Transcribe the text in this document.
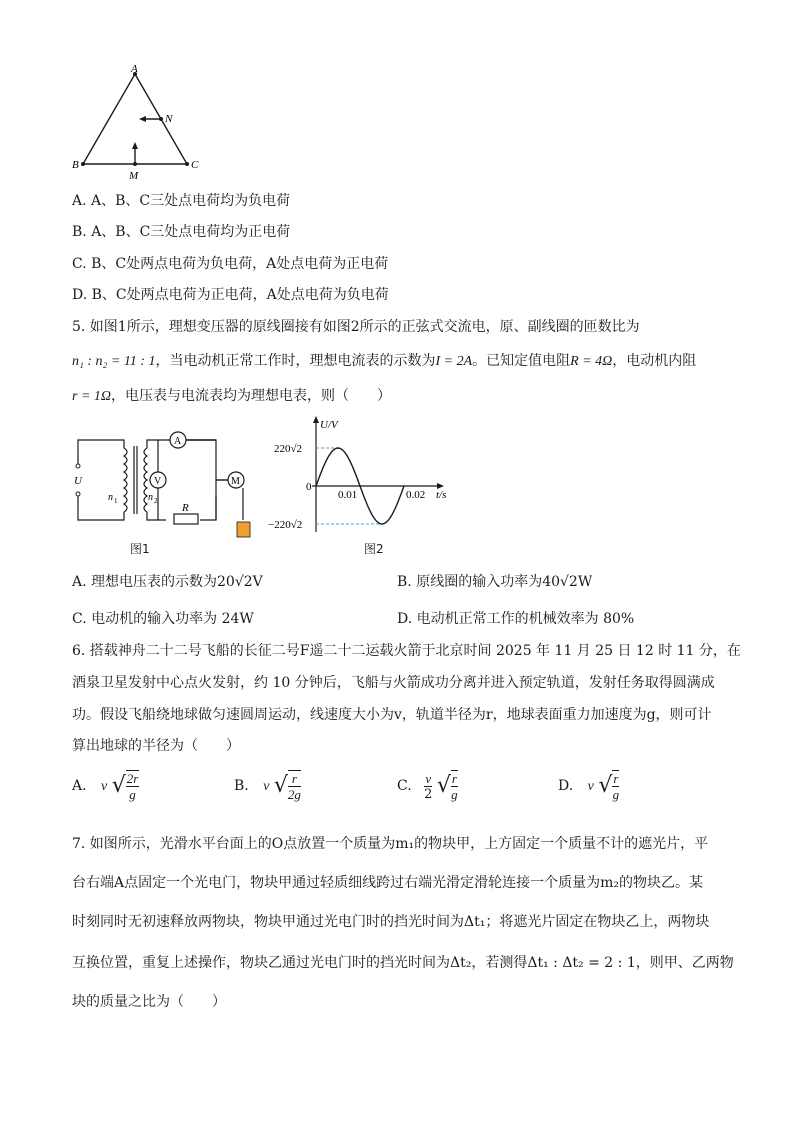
A
B	C
M
N
A. A、B、C三处点电荷均为负电荷
B. A、B、C三处点电荷均为正电荷
C. B、C处两点电荷为负电荷，A处点电荷为正电荷
D. B、C处两点电荷为正电荷，A处点电荷为负电荷
5. 如图1所示，理想变压器的原线圈接有如图2所示的正弦式交流电，原、副线圈的匝数比为
n₁ : n₂ = 11 : 1，当电动机正常工作时，理想电流表的示数为I = 2A。已知定值电阻R = 4Ω，电动机内阻
r = 1Ω，电压表与电流表均为理想电表，则（　　）
U
n 1	n 2
R
A
V	M
图1
U/V
220√2
−220√2
0
0.01	0.02 t/s
图2
A. 理想电压表的示数为20√2V	B. 原线圈的输入功率为40√2W
C. 电动机的输入功率为 24W	D. 电动机正常工作的机械效率为 80%
6. 搭载神舟二十二号飞船的长征二号F遥二十二运载火箭于北京时间 2025 年 11 月 25 日 12 时 11 分，在
酒泉卫星发射中心点火发射，约 10 分钟后，飞船与火箭成功分离并进入预定轨道，发射任务取得圆满成
功。假设飞船绕地球做匀速圆周运动，线速度大小为v，轨道半径为r，地球表面重力加速度为g，则可计
算出地球的半径为（　　）
A. v √ $\frac{2r}{g}$	B. v √ $\frac{r}{2g}$	C. $\frac{v}{2}$ √ $\frac{r}{g}$	D. v √ $\frac{r}{g}$
7. 如图所示，光滑水平台面上的O点放置一个质量为m₁的物块甲，上方固定一个质量不计的遮光片，平
台右端A点固定一个光电门，物块甲通过轻质细线跨过右端光滑定滑轮连接一个质量为m₂的物块乙。某
时刻同时无初速释放两物块，物块甲通过光电门时的挡光时间为Δt₁；将遮光片固定在物块乙上，两物块
互换位置，重复上述操作，物块乙通过光电门时的挡光时间为Δt₂，若测得Δt₁ : Δt₂ = 2 : 1，则甲、乙两物
块的质量之比为（　　）
